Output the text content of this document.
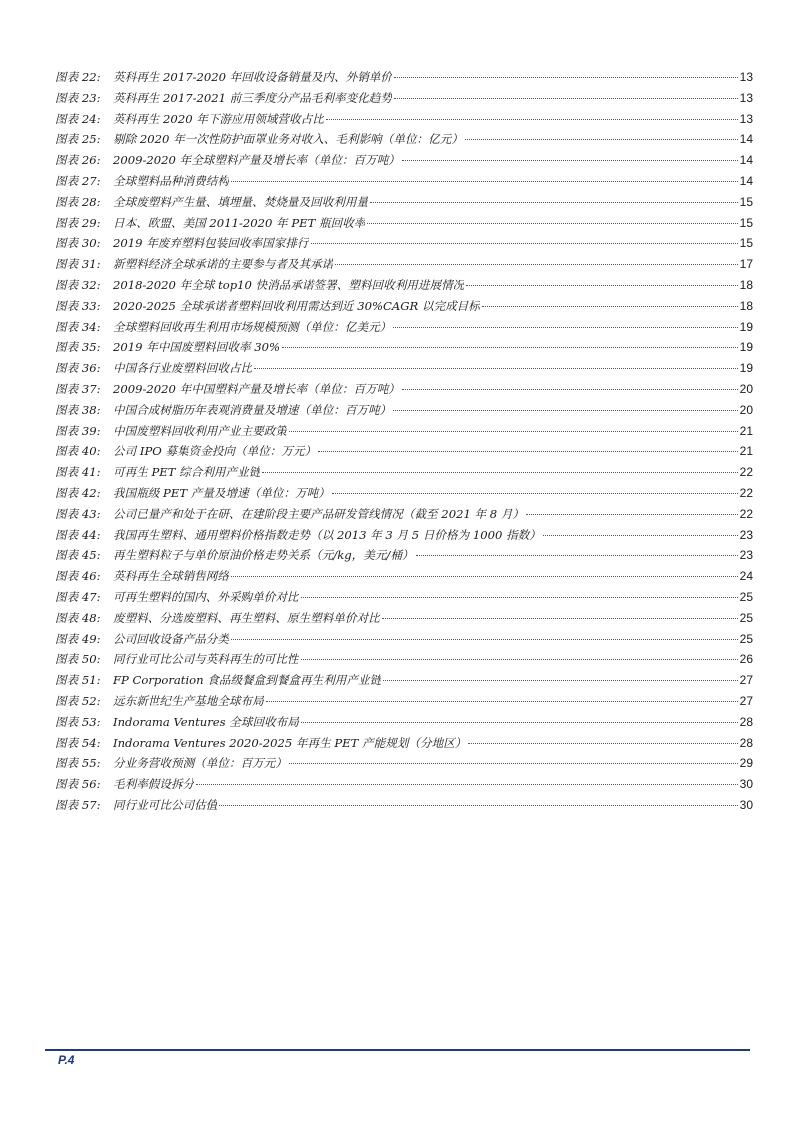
图表 22:	英科再生 2017-2020 年回收设备销量及内、外销单价	13
图表 23:	英科再生 2017-2021 前三季度分产品毛利率变化趋势	13
图表 24:	英科再生 2020 年下游应用领域营收占比	13
图表 25:	剔除 2020 年一次性防护面罩业务对收入、毛利影响（单位：亿元）	14
图表 26:	2009-2020 年全球塑料产量及增长率（单位：百万吨）	14
图表 27:	全球塑料品种消费结构	14
图表 28:	全球废塑料产生量、填埋量、焚烧量及回收利用量	15
图表 29:	日本、欧盟、美国 2011-2020 年 PET 瓶回收率	15
图表 30:	2019 年废弃塑料包装回收率国家排行	15
图表 31:	新塑料经济全球承诺的主要参与者及其承诺	17
图表 32:	2018-2020 年全球 top10 快消品承诺签署、塑料回收利用进展情况	18
图表 33:	2020-2025 全球承诺者塑料回收利用需达到近 30%CAGR 以完成目标	18
图表 34:	全球塑料回收再生利用市场规模预测（单位：亿美元）	19
图表 35:	2019 年中国废塑料回收率 30%	19
图表 36:	中国各行业废塑料回收占比	19
图表 37:	2009-2020 年中国塑料产量及增长率（单位：百万吨）	20
图表 38:	中国合成树脂历年表观消费量及增速（单位：百万吨）	20
图表 39:	中国废塑料回收利用产业主要政策	21
图表 40:	公司 IPO 募集资金投向（单位：万元）	21
图表 41:	可再生 PET 综合利用产业链	22
图表 42:	我国瓶级 PET 产量及增速（单位：万吨）	22
图表 43:	公司已量产和处于在研、在建阶段主要产品研发管线情况（截至 2021 年 8 月）	22
图表 44:	我国再生塑料、通用塑料价格指数走势（以 2013 年 3 月 5 日价格为 1000 指数）	23
图表 45:	再生塑料粒子与单价原油价格走势关系（元/kg，美元/桶）	23
图表 46:	英科再生全球销售网络	24
图表 47:	可再生塑料的国内、外采购单价对比	25
图表 48:	废塑料、分选废塑料、再生塑料、原生塑料单价对比	25
图表 49:	公司回收设备产品分类	25
图表 50:	同行业可比公司与英科再生的可比性	26
图表 51:	FP Corporation 食品级餐盒到餐盒再生利用产业链	27
图表 52:	远东新世纪生产基地全球布局	27
图表 53:	Indorama Ventures 全球回收布局	28
图表 54:	Indorama Ventures 2020-2025 年再生 PET 产能规划（分地区）	28
图表 55:	分业务营收预测（单位：百万元）	29
图表 56:	毛利率假设拆分	30
图表 57:	同行业可比公司估值	30
P.4
